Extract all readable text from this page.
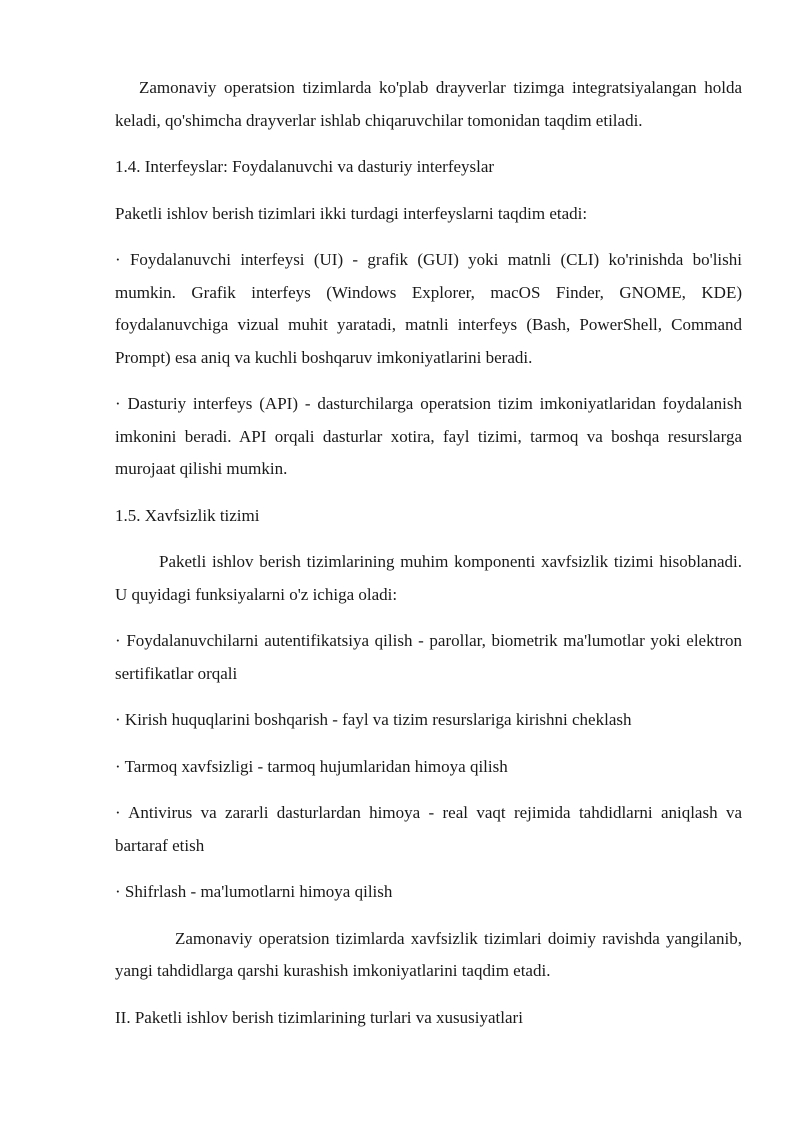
Zamonaviy operatsion tizimlarda ko'plab drayverlar tizimga integratsiyalangan holda keladi, qo'shimcha drayverlar ishlab chiqaruvchilar tomonidan taqdim etiladi.

1.4. Interfeyslar: Foydalanuvchi va dasturiy interfeyslar

Paketli ishlov berish tizimlari ikki turdagi interfeyslarni taqdim etadi:

· Foydalanuvchi interfeysi (UI) - grafik (GUI) yoki matnli (CLI) ko'rinishda bo'lishi mumkin. Grafik interfeys (Windows Explorer, macOS Finder, GNOME, KDE) foydalanuvchiga vizual muhit yaratadi, matnli interfeys (Bash, PowerShell, Command Prompt) esa aniq va kuchli boshqaruv imkoniyatlarini beradi.

· Dasturiy interfeys (API) - dasturchilarga operatsion tizim imkoniyatlaridan foydalanish imkonini beradi. API orqali dasturlar xotira, fayl tizimi, tarmoq va boshqa resurslarga murojaat qilishi mumkin.

1.5. Xavfsizlik tizimi

Paketli ishlov berish tizimlarining muhim komponenti xavfsizlik tizimi hisoblanadi. U quyidagi funksiyalarni o'z ichiga oladi:

· Foydalanuvchilarni autentifikatsiya qilish - parollar, biometrik ma'lumotlar yoki elektron sertifikatlar orqali

· Kirish huquqlarini boshqarish - fayl va tizim resurslariga kirishni cheklash

· Tarmoq xavfsizligi - tarmoq hujumlaridan himoya qilish

· Antivirus va zararli dasturlardan himoya - real vaqt rejimida tahdidlarni aniqlash va bartaraf etish

· Shifrlash - ma'lumotlarni himoya qilish

Zamonaviy operatsion tizimlarda xavfsizlik tizimlari doimiy ravishda yangilanib, yangi tahdidlarga qarshi kurashish imkoniyatlarini taqdim etadi.

II. Paketli ishlov berish tizimlarining turlari va xususiyatlari
